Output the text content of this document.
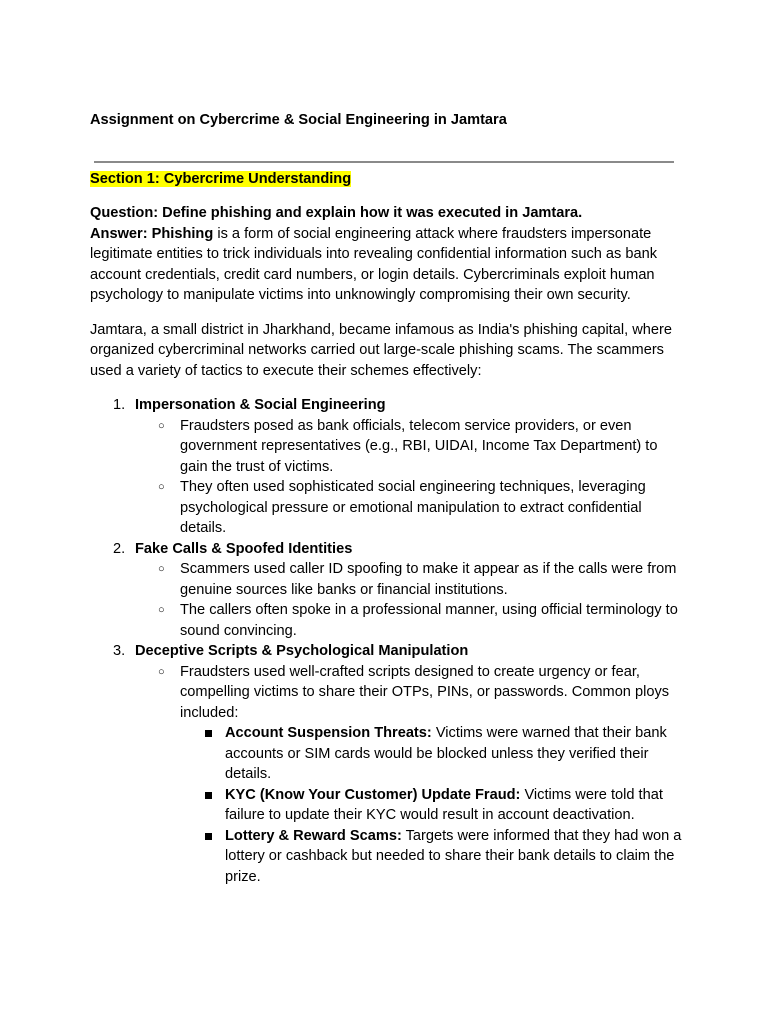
Assignment on Cybercrime & Social Engineering in Jamtara

Section 1: Cybercrime Understanding

Question: Define phishing and explain how it was executed in Jamtara.

Answer: Phishing is a form of social engineering attack where fraudsters impersonate legitimate entities to trick individuals into revealing confidential information such as bank account credentials, credit card numbers, or login details. Cybercriminals exploit human psychology to manipulate victims into unknowingly compromising their own security.

Jamtara, a small district in Jharkhand, became infamous as India's phishing capital, where organized cybercriminal networks carried out large-scale phishing scams. The scammers used a variety of tactics to execute their schemes effectively:

1. Impersonation & Social Engineering
○ Fraudsters posed as bank officials, telecom service providers, or even government representatives (e.g., RBI, UIDAI, Income Tax Department) to gain the trust of victims.
○ They often used sophisticated social engineering techniques, leveraging psychological pressure or emotional manipulation to extract confidential details.
2. Fake Calls & Spoofed Identities
○ Scammers used caller ID spoofing to make it appear as if the calls were from genuine sources like banks or financial institutions.
○ The callers often spoke in a professional manner, using official terminology to sound convincing.
3. Deceptive Scripts & Psychological Manipulation
○ Fraudsters used well-crafted scripts designed to create urgency or fear, compelling victims to share their OTPs, PINs, or passwords. Common ploys included:
Account Suspension Threats: Victims were warned that their bank accounts or SIM cards would be blocked unless they verified their details.
KYC (Know Your Customer) Update Fraud: Victims were told that failure to update their KYC would result in account deactivation.
Lottery & Reward Scams: Targets were informed that they had won a lottery or cashback but needed to share their bank details to claim the prize.
